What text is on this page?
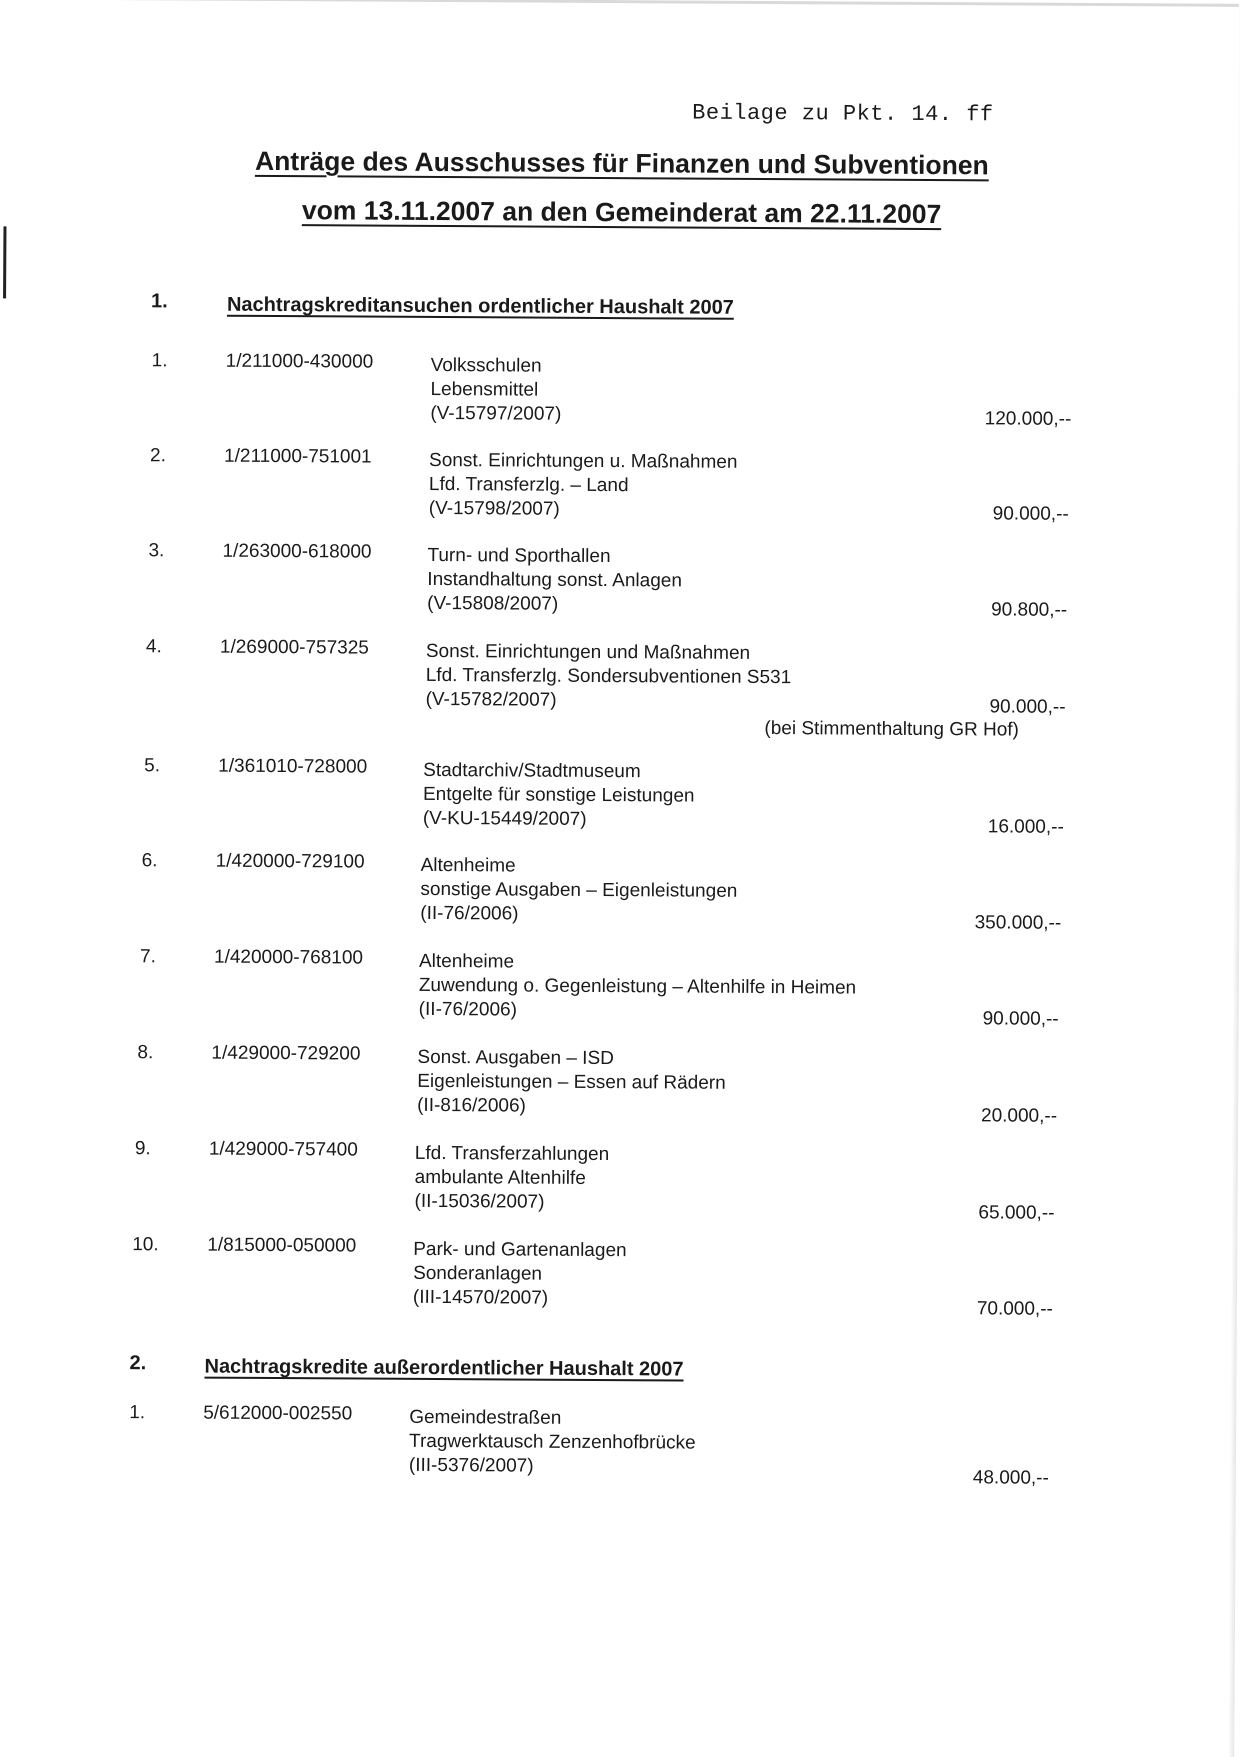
Beilage zu Pkt. 14. ff
Anträge des Ausschusses für Finanzen und Subventionen
vom 13.11.2007 an den Gemeinderat am 22.11.2007
1.	Nachtragskreditansuchen ordentlicher Haushalt 2007
1.	1/211000-430000	Volksschulen
Lebensmittel
(V-15797/2007)	120.000,--
2.	1/211000-751001	Sonst. Einrichtungen u. Maßnahmen
Lfd. Transferzlg. – Land
(V-15798/2007)	90.000,--
3.	1/263000-618000	Turn- und Sporthallen
Instandhaltung sonst. Anlagen
(V-15808/2007)	90.800,--
4.	1/269000-757325	Sonst. Einrichtungen und Maßnahmen
Lfd. Transferzlg. Sondersubventionen S531
(V-15782/2007)	90.000,--
(bei Stimmenthaltung GR Hof)
5.	1/361010-728000	Stadtarchiv/Stadtmuseum
Entgelte für sonstige Leistungen
(V-KU-15449/2007)	16.000,--
6.	1/420000-729100	Altenheime
sonstige Ausgaben – Eigenleistungen
(II-76/2006)	350.000,--
7.	1/420000-768100	Altenheime
Zuwendung o. Gegenleistung – Altenhilfe in Heimen
(II-76/2006)	90.000,--
8.	1/429000-729200	Sonst. Ausgaben – ISD
Eigenleistungen – Essen auf Rädern
(II-816/2006)	20.000,--
9.	1/429000-757400	Lfd. Transferzahlungen
ambulante Altenhilfe
(II-15036/2007)
65.000,--
10.	1/815000-050000	Park- und Gartenanlagen
Sonderanlagen
(III-14570/2007)
70.000,--
2.	Nachtragskredite außerordentlicher Haushalt 2007
1.	5/612000-002550	Gemeindestraßen
Tragwerktausch Zenzenhofbrücke
(III-5376/2007)
48.000,--
